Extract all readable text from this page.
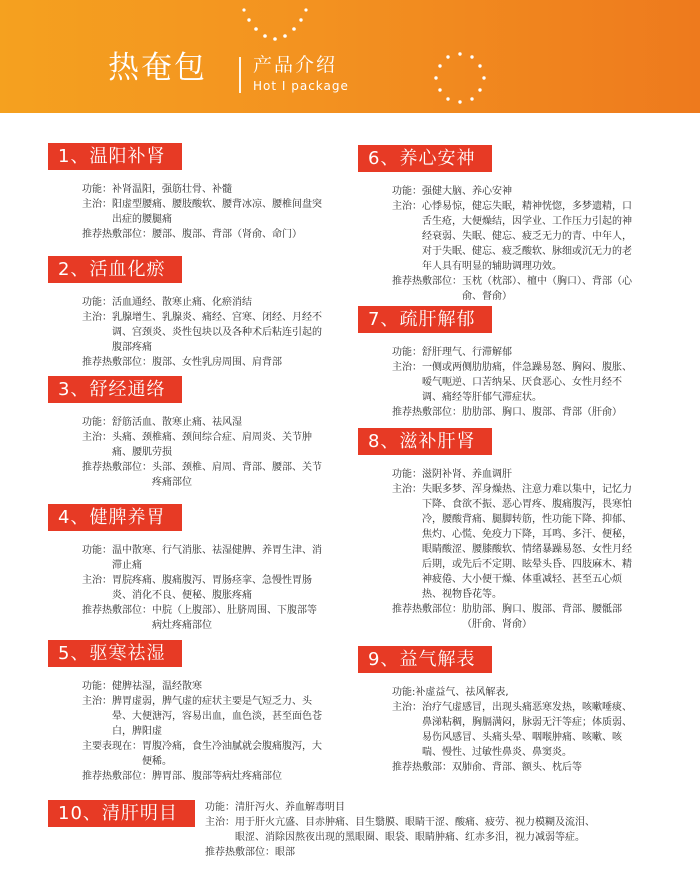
热奄包 产品介绍
Hot I package
1、温阳补肾
功能： 补肾温阳，强筋壮骨、补髓
主治： 阳虚型腰痛、腰肢酸软、腰背冰凉、腰椎间盘突出症的腰腿痛
推荐热敷部位： 腰部、腹部、背部（肾俞、命门）
2、活血化瘀
功能： 活血通经、散寒止痛、化瘀消结
主治： 乳腺增生、乳腺炎、痛经、宫寒、闭经、月经不调、宫颈炎、炎性包块以及各种术后粘连引起的腹部疼痛
推荐热敷部位： 腹部、女性乳房周围、肩背部
3、舒经通络
功能： 舒筋活血、散寒止痛、祛风湿
主治： 头痛、颈椎痛、颈间综合症、肩周炎、关节肿痛、腰肌劳损
推荐热敷部位： 头部、颈椎、肩周、背部、腰部、关节疼痛部位
4、健脾养胃
功能： 温中散寒、行气消胀、祛湿健脾、养胃生津、消滞止痛
主治： 胃脘疼痛、腹痛腹泻、胃肠痉挛、急慢性胃肠炎、消化不良、便秘、腹胀疼痛
推荐热敷部位： 中脘（上腹部）、肚脐周围、下腹部等病灶疼痛部位
5、驱寒祛湿
功能： 健脾祛湿，温经散寒
主治： 脾胃虚弱，脾气虚的症状主要是气短乏力、头晕、大便溏泻，容易出血，血色淡，甚至面色苍白，脾阳虚
主要表现在： 胃腹冷痛，食生冷油腻就会腹痛腹泻，大便稀。
推荐热敷部位： 脾胃部、腹部等病灶疼痛部位
6、养心安神
功能： 强健大脑、养心安神
主治： 心悸易惊，健忘失眠，精神恍惚，多梦遗精，口舌生疮，大便燥结，因学业、工作压力引起的神经衰弱、失眠、健忘、疲乏无力的青、中年人，对于失眠、健忘、疲乏酸软、脉细或沉无力的老年人具有明显的辅助调理功效。
推荐热敷部位： 玉枕（枕部）、檀中（胸口）、背部（心俞、督俞）
7、疏肝解郁
功能： 舒肝理气、行滞解郁
主治： 一侧或两侧肋肋痛，伴急躁易怒、胸闷、腹胀、嗳气呃逆、口苦纳呆、厌食恶心、女性月经不调、痛经等肝郁气滞症状。
推荐热敷部位： 肋肋部、胸口、腹部、背部（肝俞）
8、滋补肝肾
功能： 滋阴补肾、养血调肝
主治： 失眠多梦、浑身燥热、注意力难以集中，记忆力下降、食欲不振、恶心胃疼、腹痛腹泻，畏寒怕冷，腰酸背痛、腿脚转筋，性功能下降、抑郁、焦灼、心慌、免疫力下降，耳鸣、多汗、便秘，眼睛酸涩、腰膝酸软、情绪暴躁易怒、女性月经后期，或先后不定期、眩晕头昏、四肢麻木、精神疲倦、大小便干燥、体重减轻、甚至五心烦热、视物昏花等。
推荐热敷部位： 肋肋部、胸口、腹部、背部、腰骶部（肝俞、肾俞）
9、益气解表
功能: 补虚益气、祛风解表,
主治： 治疗气虚感冒，出现头痛恶寒发热，咳嗽唾痰、鼻涕粘稠，胸膈满闷，脉弱无汗等症；体质弱、易伤风感冒、头痛头晕、咽喉肿痛、咳嗽、咳喘、慢性、过敏性鼻炎、鼻窦炎。
推荐热敷部： 双肺俞、背部、额头、枕后等
10、清肝明目	功能： 清肝泻火、养血解毒明目
主治： 用于肝火亢盛、目赤肿痛、目生翳膜、眼睛干涩、酸痛、疲劳、视力模糊及流泪、眼涩、消除因熬夜出现的黑眼圈、眼袋、眼睛肿痛、红赤多泪，视力减弱等症。
推荐热敷部位： 眼部
